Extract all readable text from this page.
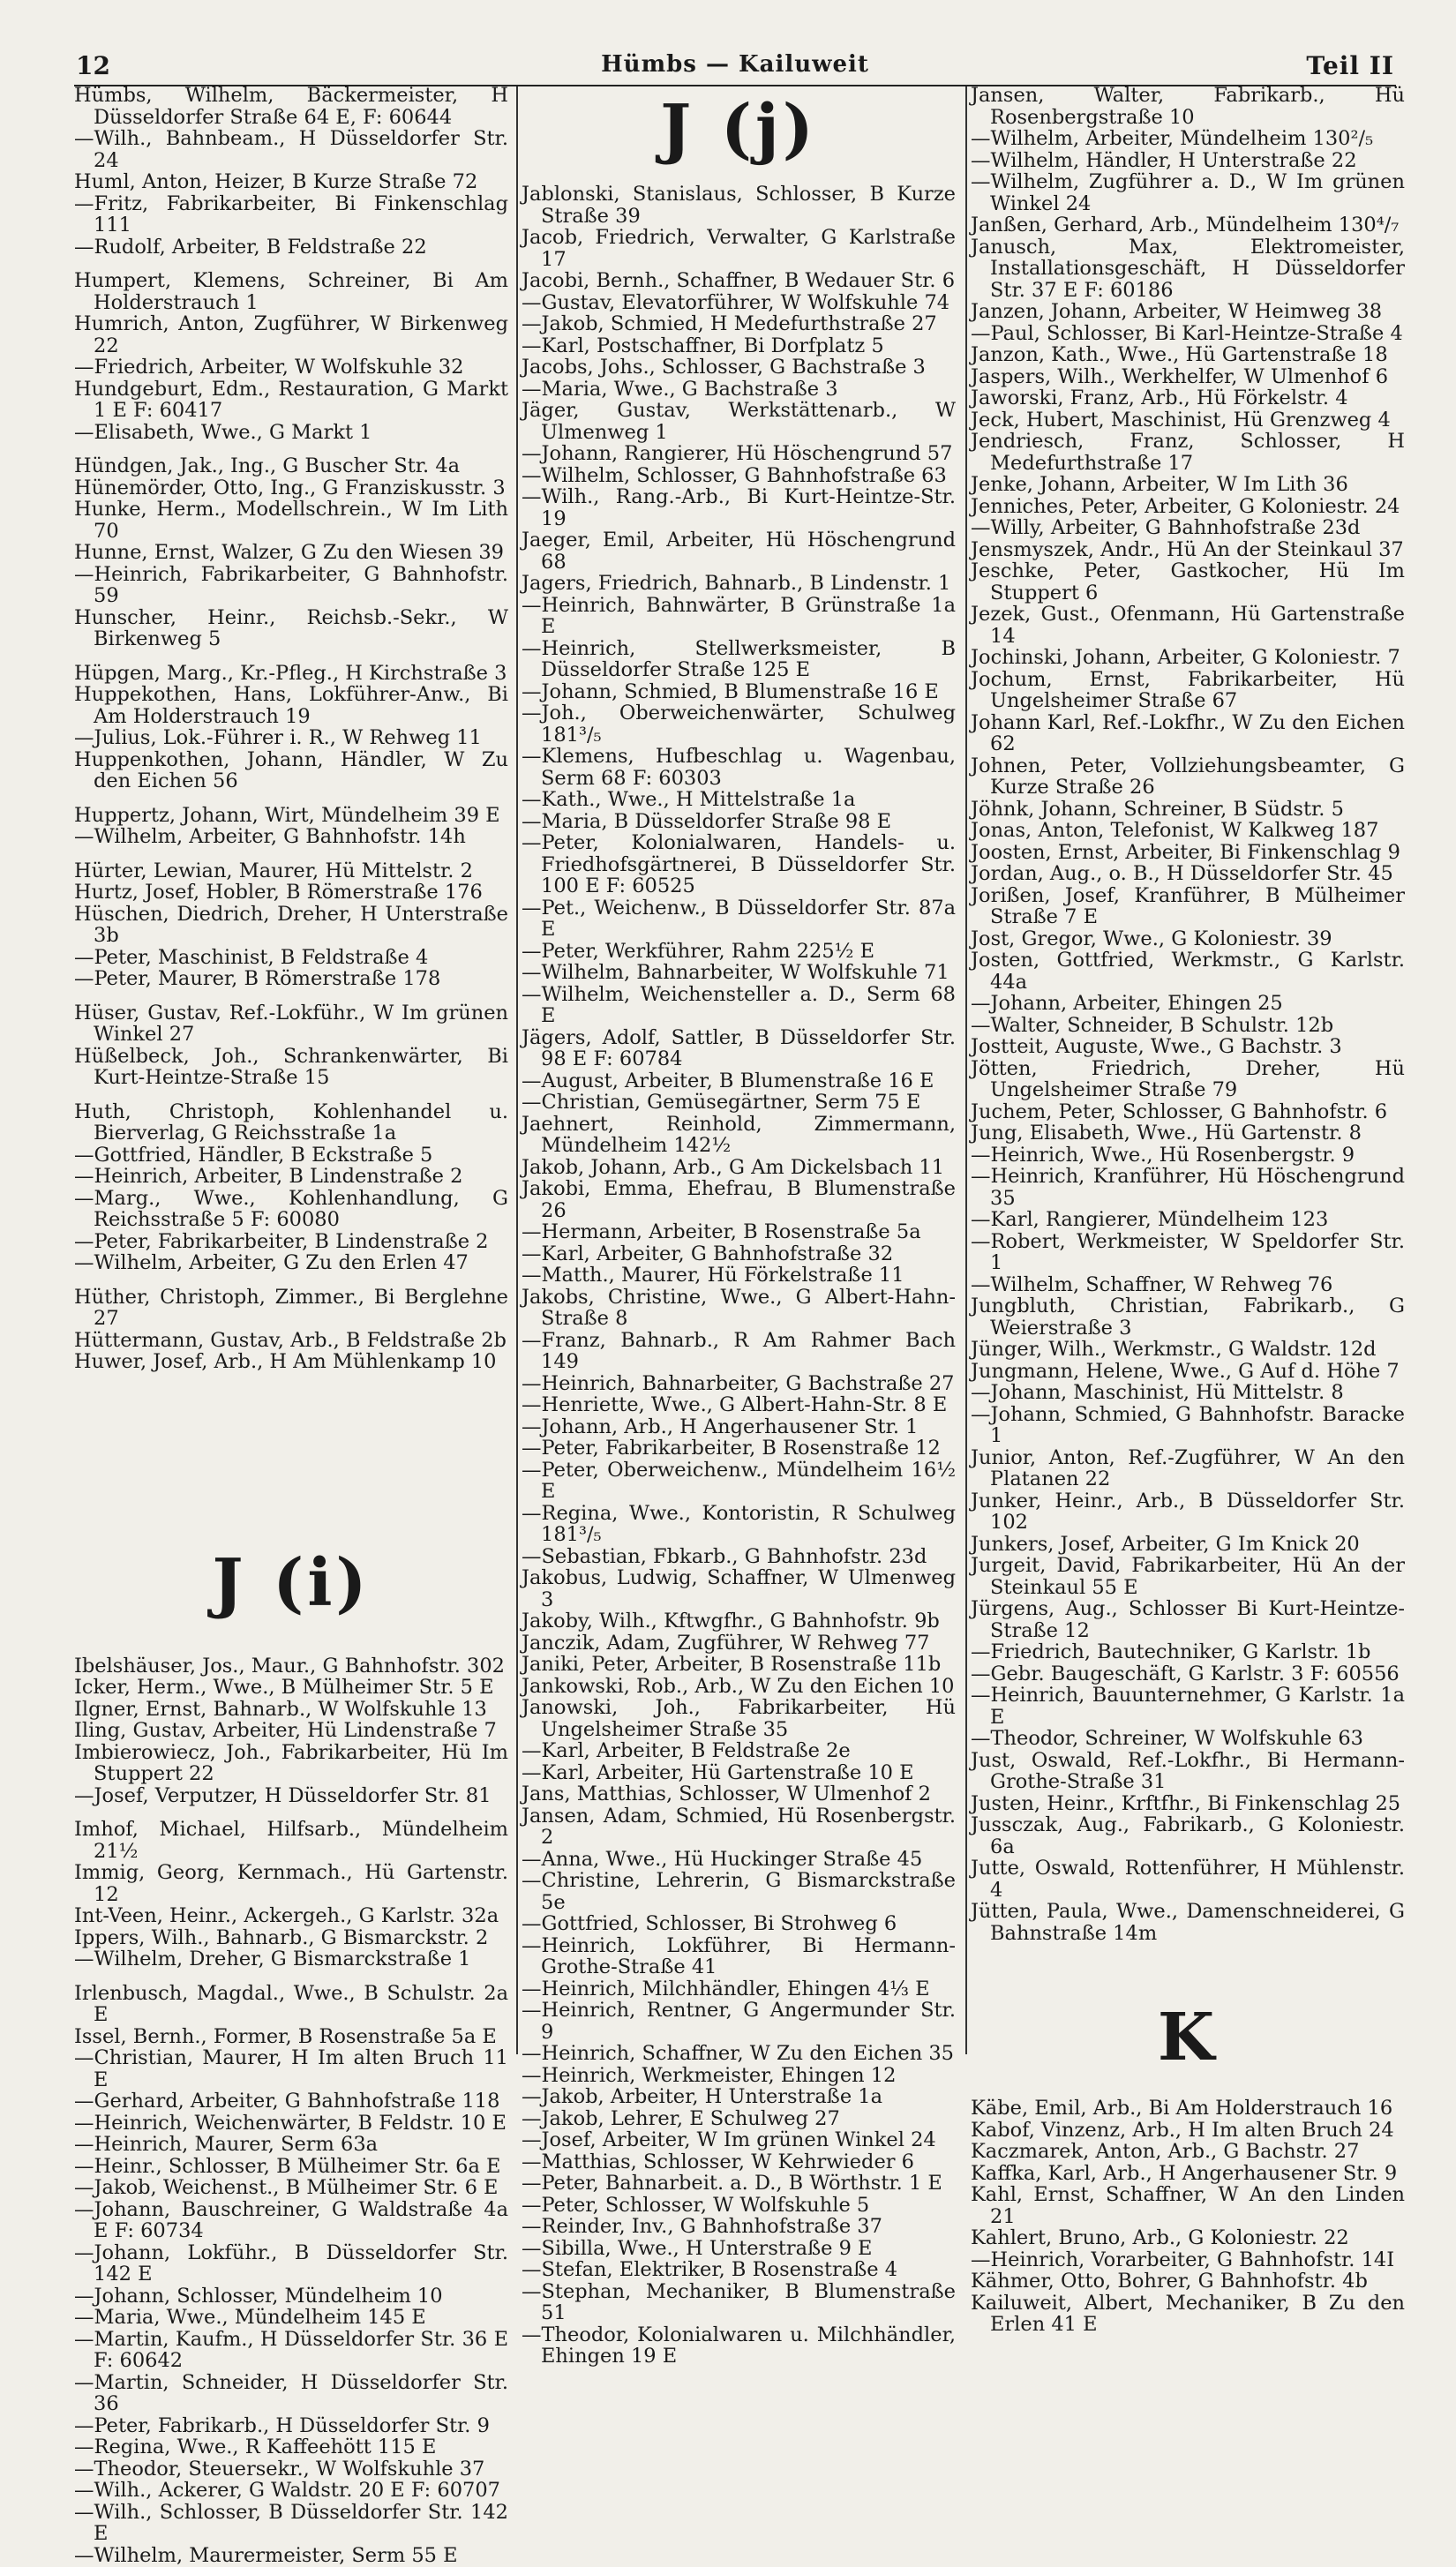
12	Hümbs — Kailuweit	Teil II
Hümbs, Wilhelm, Bäckermeister, H Düsseldorfer Straße 64 E, F: 60644
—Wilh., Bahnbeam., H Düsseldorfer Str. 24
Huml, Anton, Heizer, B Kurze Straße 72
—Fritz, Fabrikarbeiter, Bi Finkenschlag 111
—Rudolf, Arbeiter, B Feldstraße 22
Humpert, Klemens, Schreiner, Bi Am Holderstrauch 1
Humrich, Anton, Zugführer, W Birkenweg 22
—Friedrich, Arbeiter, W Wolfskuhle 32
Hundgeburt, Edm., Restauration, G Markt 1 E F: 60417
—Elisabeth, Wwe., G Markt 1
Hündgen, Jak., Ing., G Buscher Str. 4a
Hünemörder, Otto, Ing., G Franziskusstr. 3
Hunke, Herm., Modellschrein., W Im Lith 70
Hunne, Ernst, Walzer, G Zu den Wiesen 39
—Heinrich, Fabrikarbeiter, G Bahnhofstr. 59
Hunscher, Heinr., Reichsb.-Sekr., W Birkenweg 5
Hüpgen, Marg., Kr.-Pfleg., H Kirchstraße 3
Huppekothen, Hans, Lokführer-Anw., Bi Am Holderstrauch 19
—Julius, Lok.-Führer i. R., W Rehweg 11
Huppenkothen, Johann, Händler, W Zu den Eichen 56
Huppertz, Johann, Wirt, Mündelheim 39 E
—Wilhelm, Arbeiter, G Bahnhofstr. 14h
Hürter, Lewian, Maurer, Hü Mittelstr. 2
Hurtz, Josef, Hobler, B Römerstraße 176
Hüschen, Diedrich, Dreher, H Unterstraße 3b
—Peter, Maschinist, B Feldstraße 4
—Peter, Maurer, B Römerstraße 178
Hüser, Gustav, Ref.-Lokführ., W Im grünen Winkel 27
Hüßelbeck, Joh., Schrankenwärter, Bi Kurt-Heintze-Straße 15
Huth, Christoph, Kohlenhandel u. Bierverlag, G Reichsstraße 1a
—Gottfried, Händler, B Eckstraße 5
—Heinrich, Arbeiter, B Lindenstraße 2
—Marg., Wwe., Kohlenhandlung, G Reichsstraße 5 F: 60080
—Peter, Fabrikarbeiter, B Lindenstraße 2
—Wilhelm, Arbeiter, G Zu den Erlen 47
Hüther, Christoph, Zimmer., Bi Berglehne 27
Hüttermann, Gustav, Arb., B Feldstraße 2b
Huwer, Josef, Arb., H Am Mühlenkamp 10
J (i)
Ibelshäuser, Jos., Maur., G Bahnhofstr. 302
Icker, Herm., Wwe., B Mülheimer Str. 5 E
Ilgner, Ernst, Bahnarb., W Wolfskuhle 13
Iling, Gustav, Arbeiter, Hü Lindenstraße 7
Imbierowiecz, Joh., Fabrikarbeiter, Hü Im Stuppert 22
—Josef, Verputzer, H Düsseldorfer Str. 81
Imhof, Michael, Hilfsarb., Mündelheim 21½
Immig, Georg, Kernmach., Hü Gartenstr. 12
Int-Veen, Heinr., Ackergeh., G Karlstr. 32a
Ippers, Wilh., Bahnarb., G Bismarckstr. 2
—Wilhelm, Dreher, G Bismarckstraße 1
Irlenbusch, Magdal., Wwe., B Schulstr. 2a E
Issel, Bernh., Former, B Rosenstraße 5a E
—Christian, Maurer, H Im alten Bruch 11 E
—Gerhard, Arbeiter, G Bahnhofstraße 118
—Heinrich, Weichenwärter, B Feldstr. 10 E
—Heinrich, Maurer, Serm 63a
—Heinr., Schlosser, B Mülheimer Str. 6a E
—Jakob, Weichenst., B Mülheimer Str. 6 E
—Johann, Bauschreiner, G Waldstraße 4a E F: 60734
—Johann, Lokführ., B Düsseldorfer Str. 142 E
—Johann, Schlosser, Mündelheim 10
—Maria, Wwe., Mündelheim 145 E
—Martin, Kaufm., H Düsseldorfer Str. 36 E F: 60642
—Martin, Schneider, H Düsseldorfer Str. 36
—Peter, Fabrikarb., H Düsseldorfer Str. 9
—Regina, Wwe., R Kaffeehött 115 E
—Theodor, Steuersekr., W Wolfskuhle 37
—Wilh., Ackerer, G Waldstr. 20 E F: 60707
—Wilh., Schlosser, B Düsseldorfer Str. 142 E
—Wilhelm, Maurermeister, Serm 55 E
J (j)
Jablonski, Stanislaus, Schlosser, B Kurze Straße 39
Jacob, Friedrich, Verwalter, G Karlstraße 17
Jacobi, Bernh., Schaffner, B Wedauer Str. 6
—Gustav, Elevatorführer, W Wolfskuhle 74
—Jakob, Schmied, H Medefurthstraße 27
—Karl, Postschaffner, Bi Dorfplatz 5
Jacobs, Johs., Schlosser, G Bachstraße 3
—Maria, Wwe., G Bachstraße 3
Jäger, Gustav, Werkstättenarb., W Ulmenweg 1
—Johann, Rangierer, Hü Höschengrund 57
—Wilhelm, Schlosser, G Bahnhofstraße 63
—Wilh., Rang.-Arb., Bi Kurt-Heintze-Str. 19
Jaeger, Emil, Arbeiter, Hü Höschengrund 68
Jagers, Friedrich, Bahnarb., B Lindenstr. 1
—Heinrich, Bahnwärter, B Grünstraße 1a E
—Heinrich, Stellwerksmeister, B Düsseldorfer Straße 125 E
—Johann, Schmied, B Blumenstraße 16 E
—Joh., Oberweichenwärter, Schulweg 181³/₅
—Klemens, Hufbeschlag u. Wagenbau, Serm 68 F: 60303
—Kath., Wwe., H Mittelstraße 1a
—Maria, B Düsseldorfer Straße 98 E
—Peter, Kolonialwaren, Handels- u. Friedhofsgärtnerei, B Düsseldorfer Str. 100 E F: 60525
—Pet., Weichenw., B Düsseldorfer Str. 87a E
—Peter, Werkführer, Rahm 225½ E
—Wilhelm, Bahnarbeiter, W Wolfskuhle 71
—Wilhelm, Weichensteller a. D., Serm 68 E
Jägers, Adolf, Sattler, B Düsseldorfer Str. 98 E F: 60784
—August, Arbeiter, B Blumenstraße 16 E
—Christian, Gemüsegärtner, Serm 75 E
Jaehnert, Reinhold, Zimmermann, Mündelheim 142½
Jakob, Johann, Arb., G Am Dickelsbach 11
Jakobi, Emma, Ehefrau, B Blumenstraße 26
—Hermann, Arbeiter, B Rosenstraße 5a
—Karl, Arbeiter, G Bahnhofstraße 32
—Matth., Maurer, Hü Förkelstraße 11
Jakobs, Christine, Wwe., G Albert-Hahn-Straße 8
—Franz, Bahnarb., R Am Rahmer Bach 149
—Heinrich, Bahnarbeiter, G Bachstraße 27
—Henriette, Wwe., G Albert-Hahn-Str. 8 E
—Johann, Arb., H Angerhausener Str. 1
—Peter, Fabrikarbeiter, B Rosenstraße 12
—Peter, Oberweichenw., Mündelheim 16½ E
—Regina, Wwe., Kontoristin, R Schulweg 181³/₅
—Sebastian, Fbkarb., G Bahnhofstr. 23d
Jakobus, Ludwig, Schaffner, W Ulmenweg 3
Jakoby, Wilh., Kftwgfhr., G Bahnhofstr. 9b
Janczik, Adam, Zugführer, W Rehweg 77
Janiki, Peter, Arbeiter, B Rosenstraße 11b
Jankowski, Rob., Arb., W Zu den Eichen 10
Janowski, Joh., Fabrikarbeiter, Hü Ungelsheimer Straße 35
—Karl, Arbeiter, B Feldstraße 2e
—Karl, Arbeiter, Hü Gartenstraße 10 E
Jans, Matthias, Schlosser, W Ulmenhof 2
Jansen, Adam, Schmied, Hü Rosenbergstr. 2
—Anna, Wwe., Hü Huckinger Straße 45
—Christine, Lehrerin, G Bismarckstraße 5e
—Gottfried, Schlosser, Bi Strohweg 6
—Heinrich, Lokführer, Bi Hermann-Grothe-Straße 41
—Heinrich, Milchhändler, Ehingen 4⅓ E
—Heinrich, Rentner, G Angermunder Str. 9
—Heinrich, Schaffner, W Zu den Eichen 35
—Heinrich, Werkmeister, Ehingen 12
—Jakob, Arbeiter, H Unterstraße 1a
—Jakob, Lehrer, E Schulweg 27
—Josef, Arbeiter, W Im grünen Winkel 24
—Matthias, Schlosser, W Kehrwieder 6
—Peter, Bahnarbeit. a. D., B Wörthstr. 1 E
—Peter, Schlosser, W Wolfskuhle 5
—Reinder, Inv., G Bahnhofstraße 37
—Sibilla, Wwe., H Unterstraße 9 E
—Stefan, Elektriker, B Rosenstraße 4
—Stephan, Mechaniker, B Blumenstraße 51
—Theodor, Kolonialwaren u. Milchhändler, Ehingen 19 E
Jansen, Walter, Fabrikarb., Hü Rosenbergstraße 10
—Wilhelm, Arbeiter, Mündelheim 130²/₅
—Wilhelm, Händler, H Unterstraße 22
—Wilhelm, Zugführer a. D., W Im grünen Winkel 24
Janßen, Gerhard, Arb., Mündelheim 130⁴/₇
Janusch, Max, Elektromeister, Installationsgeschäft, H Düsseldorfer Str. 37 E F: 60186
Janzen, Johann, Arbeiter, W Heimweg 38
—Paul, Schlosser, Bi Karl-Heintze-Straße 4
Janzon, Kath., Wwe., Hü Gartenstraße 18
Jaspers, Wilh., Werkhelfer, W Ulmenhof 6
Jaworski, Franz, Arb., Hü Förkelstr. 4
Jeck, Hubert, Maschinist, Hü Grenzweg 4
Jendriesch, Franz, Schlosser, H Medefurthstraße 17
Jenke, Johann, Arbeiter, W Im Lith 36
Jenniches, Peter, Arbeiter, G Koloniestr. 24
—Willy, Arbeiter, G Bahnhofstraße 23d
Jensmyszek, Andr., Hü An der Steinkaul 37
Jeschke, Peter, Gastkocher, Hü Im Stuppert 6
Jezek, Gust., Ofenmann, Hü Gartenstraße 14
Jochinski, Johann, Arbeiter, G Koloniestr. 7
Jochum, Ernst, Fabrikarbeiter, Hü Ungelsheimer Straße 67
Johann Karl, Ref.-Lokfhr., W Zu den Eichen 62
Johnen, Peter, Vollziehungsbeamter, G Kurze Straße 26
Jöhnk, Johann, Schreiner, B Südstr. 5
Jonas, Anton, Telefonist, W Kalkweg 187
Joosten, Ernst, Arbeiter, Bi Finkenschlag 9
Jordan, Aug., o. B., H Düsseldorfer Str. 45
Jorißen, Josef, Kranführer, B Mülheimer Straße 7 E
Jost, Gregor, Wwe., G Koloniestr. 39
Josten, Gottfried, Werkmstr., G Karlstr. 44a
—Johann, Arbeiter, Ehingen 25
—Walter, Schneider, B Schulstr. 12b
Jostteit, Auguste, Wwe., G Bachstr. 3
Jötten, Friedrich, Dreher, Hü Ungelsheimer Straße 79
Juchem, Peter, Schlosser, G Bahnhofstr. 6
Jung, Elisabeth, Wwe., Hü Gartenstr. 8
—Heinrich, Wwe., Hü Rosenbergstr. 9
—Heinrich, Kranführer, Hü Höschengrund 35
—Karl, Rangierer, Mündelheim 123
—Robert, Werkmeister, W Speldorfer Str. 1
—Wilhelm, Schaffner, W Rehweg 76
Jungbluth, Christian, Fabrikarb., G Weierstraße 3
Jünger, Wilh., Werkmstr., G Waldstr. 12d
Jungmann, Helene, Wwe., G Auf d. Höhe 7
—Johann, Maschinist, Hü Mittelstr. 8
—Johann, Schmied, G Bahnhofstr. Baracke 1
Junior, Anton, Ref.-Zugführer, W An den Platanen 22
Junker, Heinr., Arb., B Düsseldorfer Str. 102
Junkers, Josef, Arbeiter, G Im Knick 20
Jurgeit, David, Fabrikarbeiter, Hü An der Steinkaul 55 E
Jürgens, Aug., Schlosser Bi Kurt-Heintze-Straße 12
—Friedrich, Bautechniker, G Karlstr. 1b
—Gebr. Baugeschäft, G Karlstr. 3 F: 60556
—Heinrich, Bauunternehmer, G Karlstr. 1a E
—Theodor, Schreiner, W Wolfskuhle 63
Just, Oswald, Ref.-Lokfhr., Bi Hermann-Grothe-Straße 31
Justen, Heinr., Krftfhr., Bi Finkenschlag 25
Jussczak, Aug., Fabrikarb., G Koloniestr. 6a
Jutte, Oswald, Rottenführer, H Mühlenstr. 4
Jütten, Paula, Wwe., Damenschneiderei, G Bahnstraße 14m
K
Käbe, Emil, Arb., Bi Am Holderstrauch 16
Kabof, Vinzenz, Arb., H Im alten Bruch 24
Kaczmarek, Anton, Arb., G Bachstr. 27
Kaffka, Karl, Arb., H Angerhausener Str. 9
Kahl, Ernst, Schaffner, W An den Linden 21
Kahlert, Bruno, Arb., G Koloniestr. 22
—Heinrich, Vorarbeiter, G Bahnhofstr. 14I
Kähmer, Otto, Bohrer, G Bahnhofstr. 4b
Kailuweit, Albert, Mechaniker, B Zu den Erlen 41 E
